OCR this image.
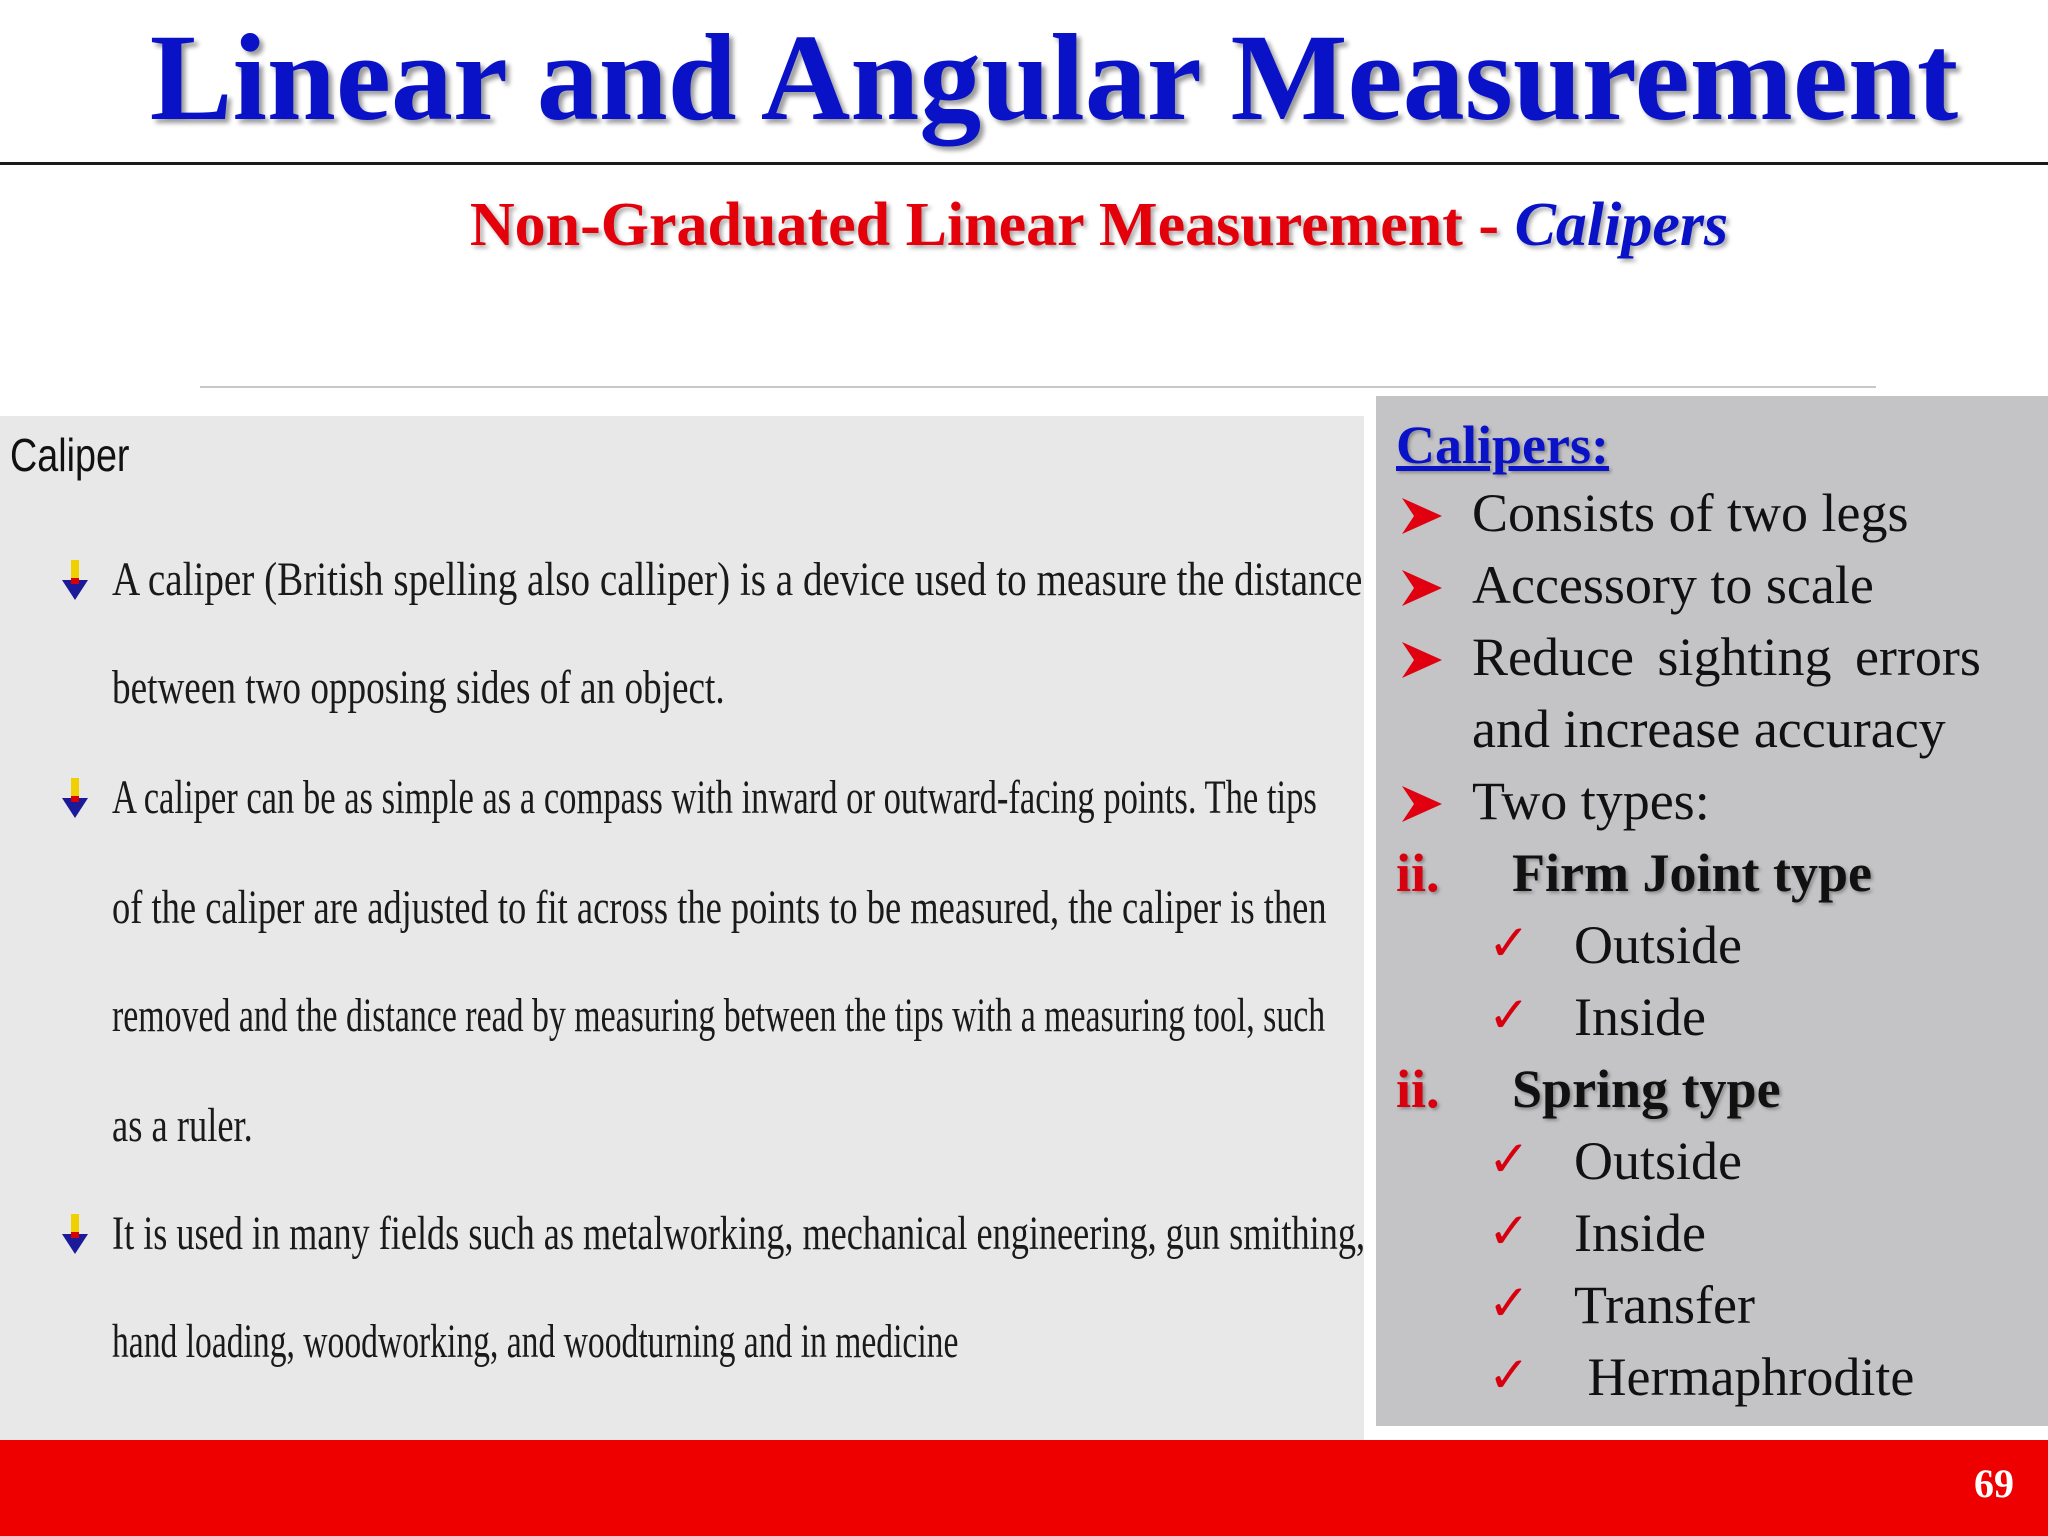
Linear and Angular Measurement
Non-Graduated Linear Measurement - Calipers
Caliper
A caliper (British spelling also calliper) is a device used to measure the distance
between two opposing sides of an object.
A caliper can be as simple as a compass with inward or outward-facing points. The tips
of the caliper are adjusted to fit across the points to be measured, the caliper is then
removed and the distance read by measuring between the tips with a measuring tool, such
as a ruler.
It is used in many fields such as metalworking, mechanical engineering, gun smithing,
hand loading, woodworking, and woodturning and in medicine
Calipers:
Consists of two legs
Accessory to scale
Reduce sighting errors
and increase accuracy
Two types:
ii. Firm Joint type
✓ Outside
✓ Inside
ii. Spring type
✓ Outside
✓ Inside
✓ Transfer
✓ Hermaphrodite
69
